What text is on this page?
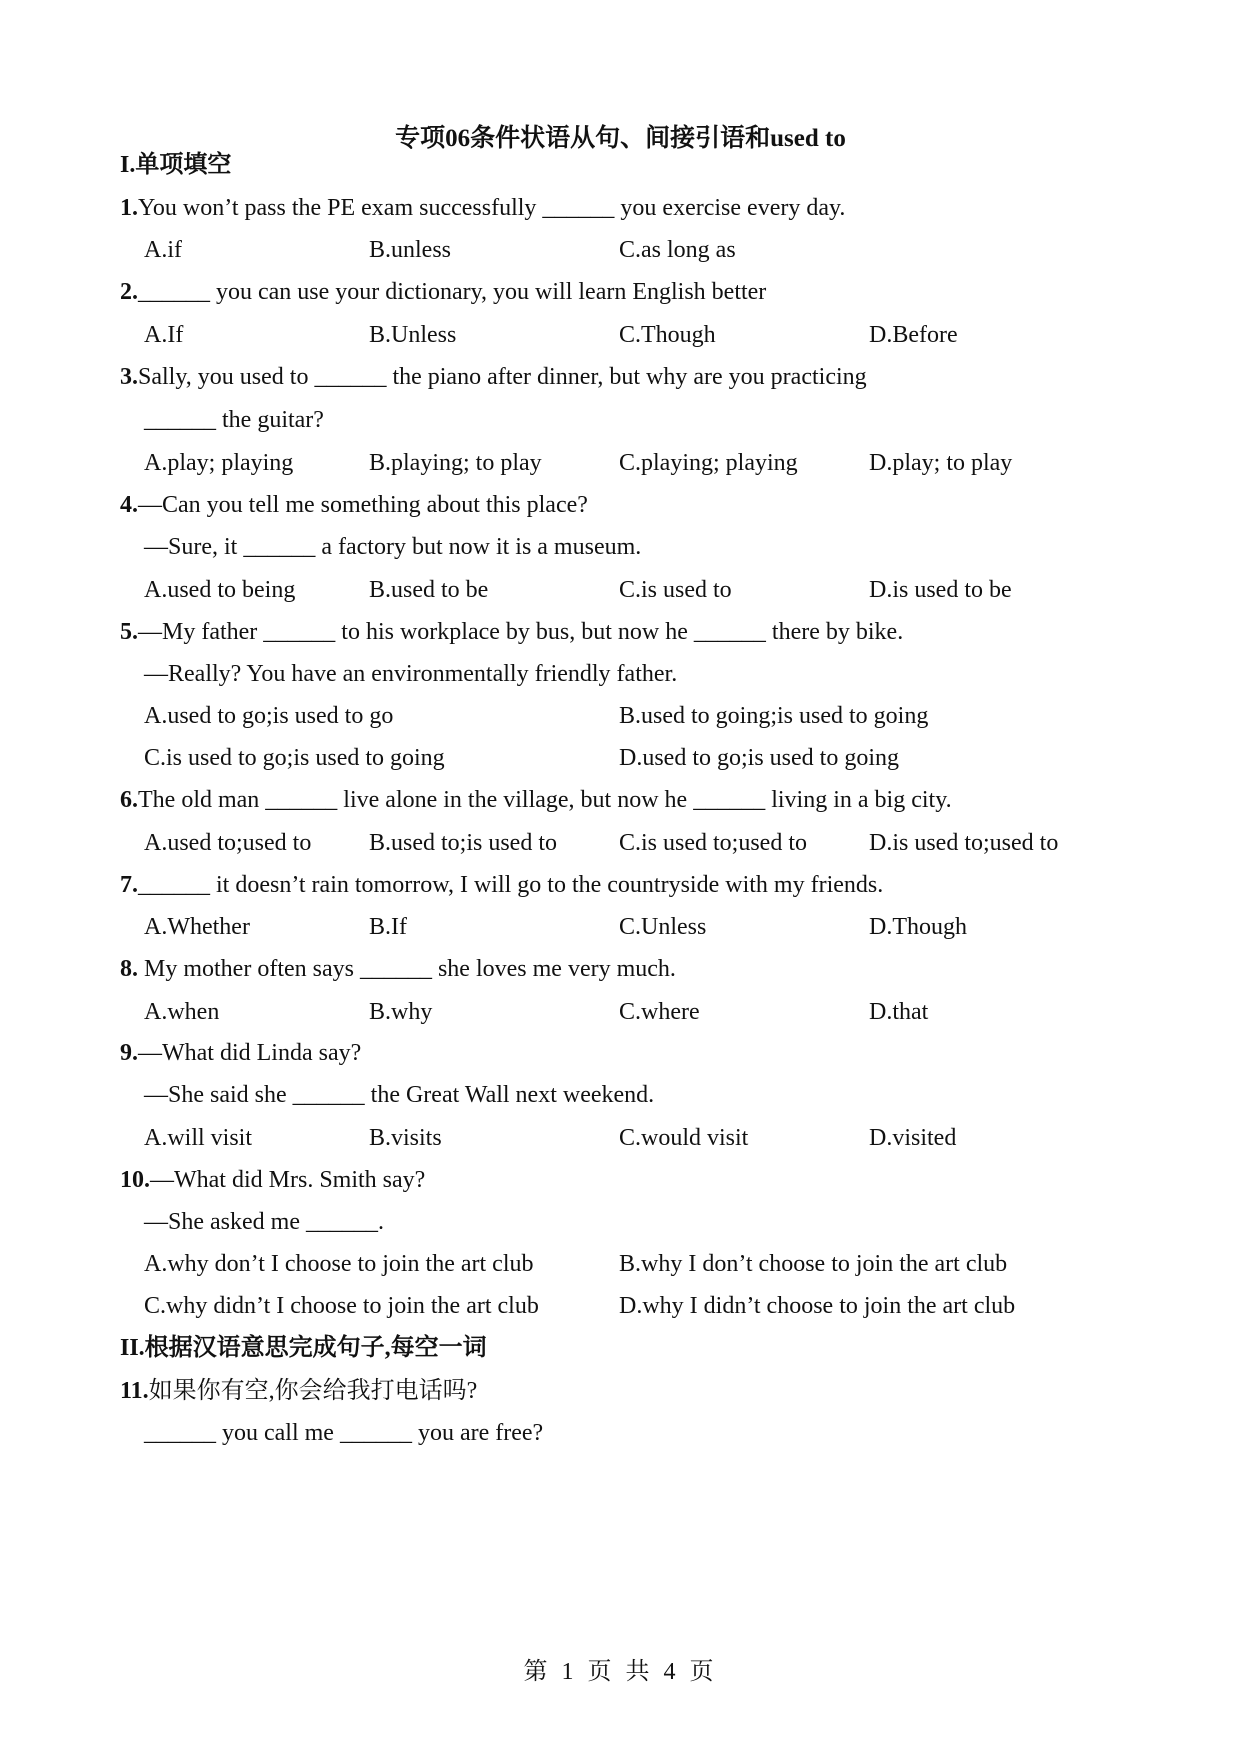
专项06条件状语从句、间接引语和used to
I.单项填空
1.You won’t pass the PE exam successfully ______ you exercise every day.
A.if	B.unless	C.as long as
2.______ you can use your dictionary, you will learn English better
A.If	B.Unless	C.Though	D.Before
3.Sally, you used to ______ the piano after dinner, but why are you practicing
______ the guitar?
A.play; playing	B.playing; to play	C.playing; playing	D.play; to play
4.—Can you tell me something about this place?
—Sure, it ______ a factory but now it is a museum.
A.used to being	B.used to be	C.is used to	D.is used to be
5.—My father ______ to his workplace by bus, but now he ______ there by bike.
—Really? You have an environmentally friendly father.
A.used to go;is used to go	B.used to going;is used to going
C.is used to go;is used to going	D.used to go;is used to going
6.The old man ______ live alone in the village, but now he ______ living in a big city.
A.used to;used to B.used to;is used to	C.is used to;used to	D.is used to;used to
7.______ it doesn’t rain tomorrow, I will go to the countryside with my friends.
A.Whether	B.If	C.Unless	D.Though
8. My mother often says ______ she loves me very much.
A.when	B.why	C.where	D.that
9.—What did Linda say?
—She said she ______ the Great Wall next weekend.
A.will visit	B.visits	C.would visit	D.visited
10.—What did Mrs. Smith say?
—She asked me ______.
A.why don’t I choose to join the art club	B.why I don’t choose to join the art club
C.why didn’t I choose to join the art club	D.why I didn’t choose to join the art club
II.根据汉语意思完成句子,每空一词
11.如果你有空,你会给我打电话吗?
______ you call me ______ you are free?
第 1 页 共 4 页
